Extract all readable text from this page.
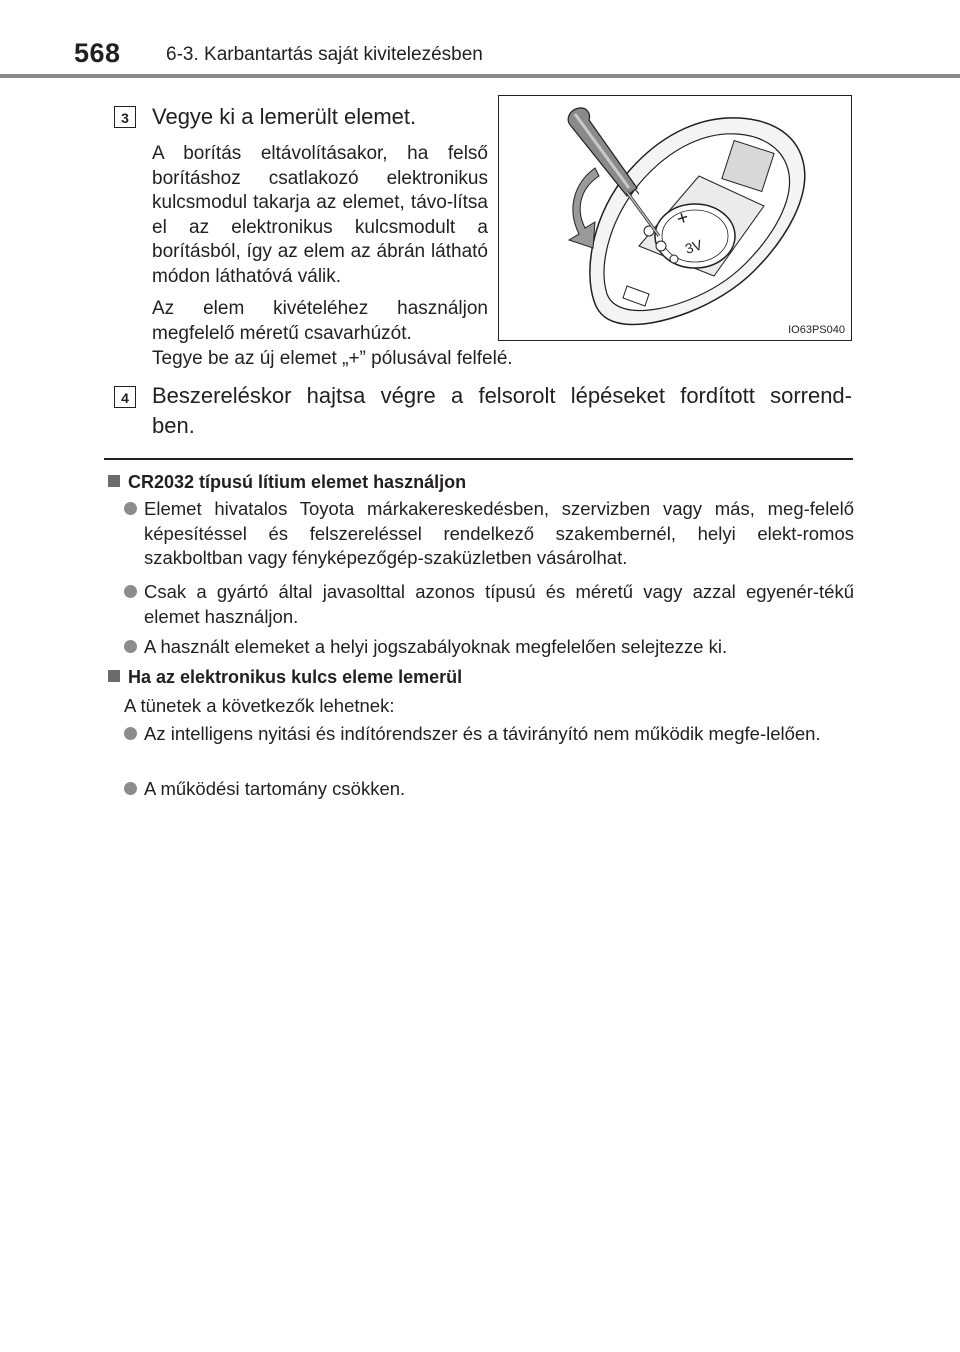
568 6-3. Karbantartás saját kivitelezésben
3	Vegye ki a lemerült elemet.
A borítás eltávolításakor, ha felső borításhoz csatlakozó elektronikus kulcsmodul takarja az elemet, távo-lítsa el az elektronikus kulcsmodult a borításból, így az elem az ábrán látható módon láthatóvá válik.
Az elem kivételéhez használjon megfelelő méretű csavarhúzót.
Tegye be az új elemet „+” pólusával felfelé.
+
3V
IO63PS040
4	Beszereléskor hajtsa végre a felsorolt lépéseket fordított sorrend-
ben.
CR2032 típusú lítium elemet használjon
Elemet hivatalos Toyota márkakereskedésben, szervizben vagy más, meg-felelő képesítéssel és felszereléssel rendelkező szakembernél, helyi elekt-romos szakboltban vagy fényképezőgép-szaküzletben vásárolhat.
Csak a gyártó által javasolttal azonos típusú és méretű vagy azzal egyenér-tékű elemet használjon.
A használt elemeket a helyi jogszabályoknak megfelelően selejtezze ki.
Ha az elektronikus kulcs eleme lemerül
A tünetek a következők lehetnek:
Az intelligens nyitási és indítórendszer és a távirányító nem működik megfe-lelően.
A működési tartomány csökken.
